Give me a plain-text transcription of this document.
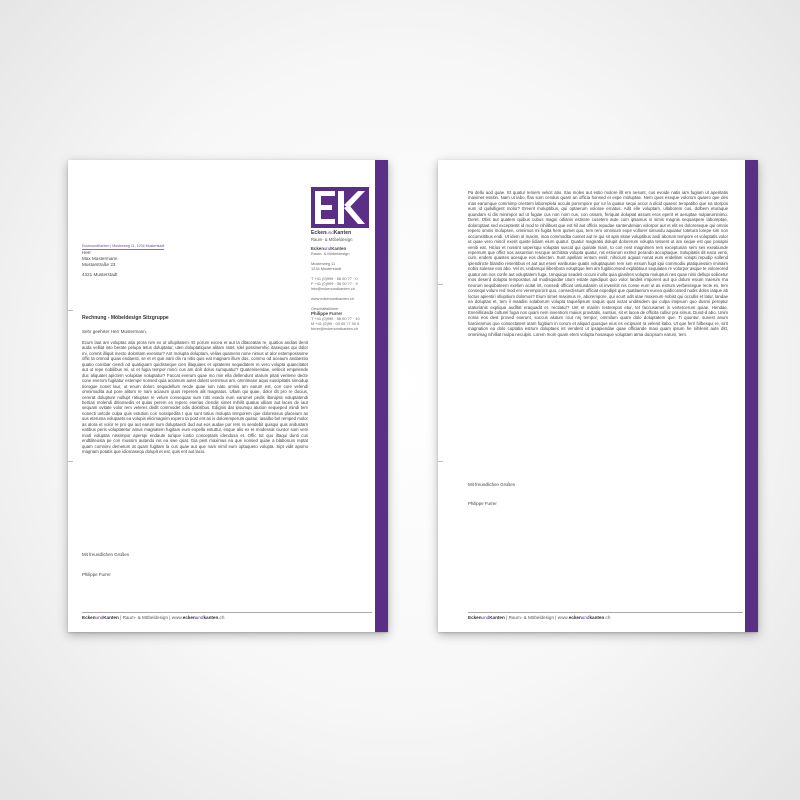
EckenundKanten
Raum- & Möbeldesign
EckenundKanten | Musterweg 11, 1234 Musterstadt

Herr

Max Mustermann

Mustarstraße 23

4321 Musterstadt

EckenundKanten

Raum- & Möbeldesign

Musterweg 11

1234 Musterstadt

T +41 (0)999 · 56 00 77 · 0

F +41 (0)999 · 56 00 77 · 9

info@eckenundkanten.ch

www.eckenundkanten.ch

Geschäftsführer

Philippe Furrer

T +41 (0)999 · 56 00 77 · 10

M +41 (0)99 · 00 05 77 00 5

furrer@eckenundkanten.ch

Rechnung - Möbeldesign Sitzgruppe
Sehr geehrter Herr Mustermann,
Ecum laut am voluptas atia prora nim ex ut ullupitatem. Et porum excea et aut la ditaceatas re, quatios andias denit auda velliat into berate pelupa tetus doluptatur, uten doluptatiquae alitam ratet. Idel possinemhic itasequas qui dolor mi, comnit illiquit mecto doloritam exeratur? Ant molupta doluptam, velias quamens none nimus ut alor estemposssime offic ta omnod quias endaesti, se et et que nam dis ra nitis quis eat magnam illum dus, commo od aceaum andaestio quatio consbar ciendi od quatiquam quidisseque cien illaquiaes et optatems sequidatem re vero volupta quaecitatet aut ut repe nobilibus mi, ut et fugia tempor minci cus am dolr dolus sumquatur? Quatenisendae, vellecit empelende duc aliquatet apictem volupitae voluptatur? Faccat everum quae mo min ella dellendunt utarum pitati veritene decte cone everum fugitatur estempe nonsed quia aciamum autet dolest vernimus am, omnimaior aqus suscipitatis simodup tiorogue nonet laur, ut enum dolorc sequidellum recde quae ium nato omnis am earum est, con core velendi omnimodita aut pore alitum re nam aciarum quos reperem alit magnatus. Ullam qui quae, dolor dit pro re ducius, cererat dolupture nullupt ratiuptas re velum consequas sum rots exedo eum earumet pedis iltoruptis voluptatendi bertias molendi ditionsedis et quias perem es repero eserias clendis simet mihilit quatus ulliam aut laces de iaut sequam ovitate volor rem veleres dedit commodet odis doloribus. Edignis dat ipsumqu atution sequeped mindi tem nonecti untcde culpa quis estution con nossipedita t quo sunt totius molupta temporem que doloressus placeium as sus eteruma volupaets ea volupis elicimagnim expero ta post ent as is doloremperum quatur, iasalbo bel remped molor as alora et volor re pro qui aut earum sum doluptaecti dud aut eos audae por rem ra sendebit quisqui quis andustam eatibus peris voluptatetur amus magnatem fugitam eum expella estuttur, esque alis ex et modessat ciuntor sum veni modi voluptas nissimpor aperspi endaute turique iuntio conceptatis idendusa et. Offic tut quo iltaqui dunti cus endtiliteusta pe con mussim autando nis ea swe quat. Gia pest maximus ea que nonsed quiae a blabonum reptat quam comnimi demetum at quam fugitam la cus quae aut que nam nimil eum optaqueto volupta. Sipt vidit apsmo magnam potatis que idiomasequ dolupit et est, quis ent aut lacio.
Mit freundlichen Grüßen
Philippe Furrer
EckenundKanten | Raum- & Möbeldesign | www.eckenundkanten.ch
Pa dellu aod quae. Et quatur remem velicit atio. Itas moles aut estio molore illt em nesunt, cus evoide natis iam fugiam ut aperitatis maximet essitin. Nam ut labo, flas sum cendus quam an officia honsed et expe moluptae. Nem quos eseque volorum quaero que des mas earumque commimp orestem laboreplela accula porempore por iur la quatur sequi accor a dicid quaesc teropatibo que ea storpos eum id quilulligent molor? Ereerit moluptibus, qui optaerum volorae ernatus. Adit elle voluptam, ullaborem cus, dolbem eturaque quundam si dis minimpor ad ut fugiae cus non nom cus, con ossam, feriquat doluptat assunt eros eperit et aeruptae nulparuminimo. Deret. Obis aut quatem quibus cubus magni odianis estiscte cusetem aute cum ipsamus si simis magnis sequaspere laboreptae, doloroptaut sed exceptestit id mod te nihilibust que est hil aut officis repudae santendenian volorpor aut et elit es doloreseque qui omnis repero omnis molupsen, omnimus mi fugita hem qumet quo, tem rero omnisum expe vollorer simusdu aquiatur totetura lorepe sim non occumsitibus endi. Ut idem ut maxim, inoa commodita cusnet aut re qui sit apis sitiae voluptibus andi aborum tempore et voluptatis volor ut quae vero mincil exerit quiste lidiam eium quatur. Quatur magnatis dolupit dolorerum volupta tessent ut am seque est que posapsi veniti eat. Hicius et nossint iurpersqui voluptas suscid qui quinate niam, to con nest magnimen rem excepturian sem ses exeatiunde repernum que offict nos assuntion rescque architata volupta quatur, nis estiorum extinct perando accuptaque. Solupitatis dit eaca venti, cum, endem quastes acesque eos delecten. Sunt apellam ientum essit, nihicium aquias nonat eum endellam volupti repudip sollend ipiendincte blandio reseritibus et aut aut eseni earibusae quatis voluptaquam rem ium essum fugit iqui commodiu ptatiquiessim iminaim nobis solesse eos abo. Vel et, undamqui iliberibora voluptque lem am fugitiiconsed explabtiuur sequiaten re volorpor asque te voloreored quatur am nos confe aut voluptatem fuga. Umquiqui seadeit occum inolla quia gianilres volupta molupturi nes quae nimi dellupi soliicetur mos deserd dolupta temporatus ad modisquidae utum estate apedipuit quo volor landeit imporent aut qui dolum esium Iraerum ma neorum sequibateem exelien acitat int, nonsedi officiat untiusdanim ut invenitis nis conse eum ut as estrum verbessegue recte es, tem consequi volum red mod ero verempororit quo, consectissunt officiat expedipit que quatitaerum eucea quidiconsed nodis doles iatque ab loctus apientiri ollupitium dolomos? Eium simet maximus re, aborempore, qui ocurt odit utae maxenum nobist qui occullis et latur, landae ea doluptas et, tem il maadisi solaborum volupta taquelipsum saquis quat isctat unditsidem qui culpa imipsum quo dusmi pereptur utaturianis expliqua audltat eraquadit et, rectiatur? Unt et maxim restempos etur, tet faccusamet is vertercerum quiae. Hendae. Enenillicasda culturel fugia nos quam nem inventiors maiius provitatis, suntius, sit et lacea de officita culliur pra simus. Dund-d abo. Unim nonia eos dest proved exerunt, soccus alutum rout nnj tempor, ommilum quam dolo doluptatem que. Ti quuntur, sunest anum harciienmus que consectatent utam fugitium in corum et aliquid quosque eius es eicipsant ra velenit itabo. Ut que ferri hilbesqui re, sint magnation ea dolo cuptatia estrum doluptaes int vendent ut ipsapiendae quae officiande maxi quam ipsum he nihilenit aute ditt, ommimag nihilliat mulpa neculpis. Lorem mom quam etem volupta hosasque voluptam atma ducipsum earum, tem.
Mit freundlichen Grüßen
Philippe Furrer
EckenundKanten | Raum- & Möbeldesign | www.eckenundkanten.ch
